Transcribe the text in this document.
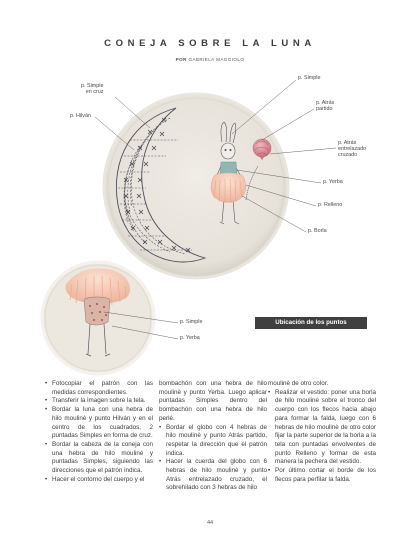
CONEJA SOBRE LA LUNA
POR GABRIELA MAGGIOLO
p. Simple
en cruz
p. Hilván
p. Simple
p. Atrás
partido
p. Atrás
entrelazado
cruzado
p. Yerba
p. Relleno
p. Borla
p. Simple
p. Yerba
Ubicación de los puntos

• Fotocopiar el patrón con las medidas correspondientes.

• Transferir la imagen sobre la tela.

• Bordar la luna con una hebra de hilo moulinè y punto Hilván y en el centro de los cuadrados, 2 puntadas Simples en forma de cruz.

• Bordar la cabeza de la coneja con una hebra de hilo moulinè y puntadas Simples, siguiendo las direcciones que el patrón indica.

• Hacer el contorno del cuerpo y el

bombachón con una hebra de hilo moulinè y punto Yerba. Luego aplicar puntadas Simples dentro del bombachón con una hebra de hilo perlé.

• Bordar el globo con 4 hebras de hilo moulinè y punto Atrás partido, respetar la dirección que el patrón indica.

• Hacer la cuerda del globo con 6 hebras de hilo moulinè y punto Atrás entrelazado cruzado, el sobrehilado con 3 hebras de hilo

moulinè de otro color.

• Realizar el vestido: poner una borla de hilo moulinè sobre el tronco del cuerpo con los flecos hacia abajo para formar la falda, luego con 6 hebras de hilo moulinè de otro color fijar la parte superior de la borla a la tela con puntadas envolventes de punto Relleno y formar de esta manera la pechera del vestido.

• Por último cortar el borde de los flecos para perfilar la falda.

44
